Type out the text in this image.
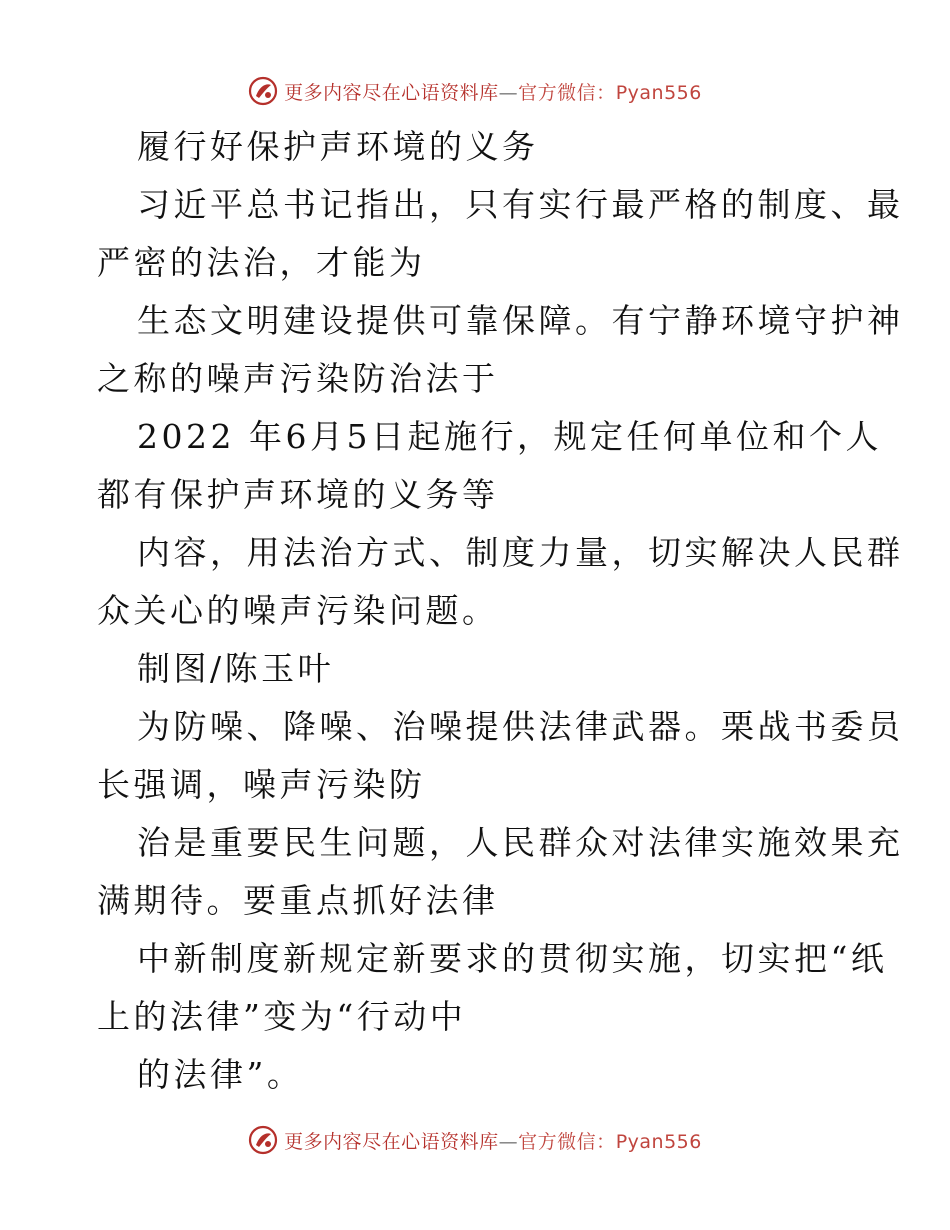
更多内容尽在心语资料库—官方微信：Pyan556
履行好保护声环境的义务
习近平总书记指出，只有实行最严格的制度、最
严密的法治，才能为
生态文明建设提供可靠保障。有宁静环境守护神
之称的噪声污染防治法于
2022 年6月5日起施行，规定任何单位和个人
都有保护声环境的义务等
内容，用法治方式、制度力量，切实解决人民群
众关心的噪声污染问题。
制图/陈玉叶
为防噪、降噪、治噪提供法律武器。栗战书委员
长强调，噪声污染防
治是重要民生问题，人民群众对法律实施效果充
满期待。要重点抓好法律
中新制度新规定新要求的贯彻实施，切实把“纸
上的法律”变为“行动中
的法律”。
更多内容尽在心语资料库—官方微信：Pyan556
